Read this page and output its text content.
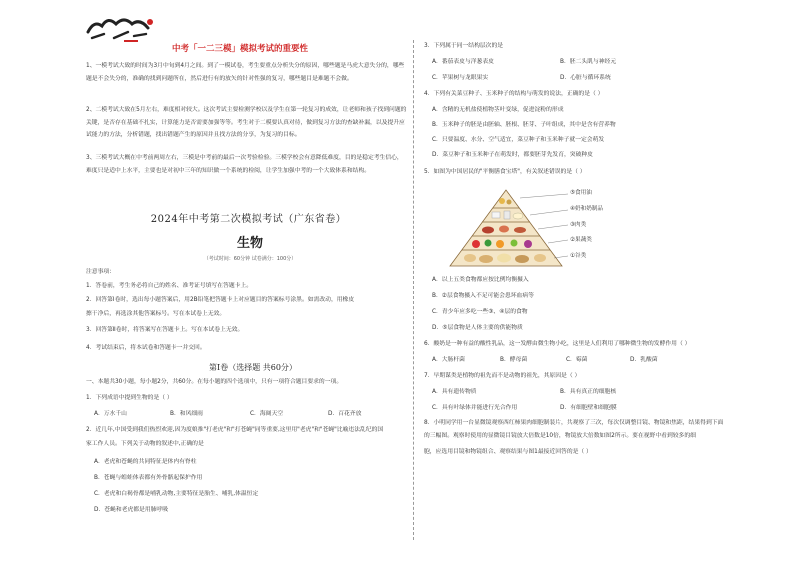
中考「一二三模」模拟考试的重要性
1、一模考试大致的时间为3月中旬到4月之间。到了一模试卷，考生要重点分析失分的原因，哪些题是马虎大意失分的，哪些题是不会失分的，准确的找到问题所在，然后进行有的放矢的针对性强的复习，哪些题目是难题不会做。
2、二模考试大致在5月左右，难度相对较大。这次考试主要检测学校以及学生在第一轮复习的成效，让老师和孩子找到问题的关键，是否存在基础不扎实，计算能力是否需要加强等等。考生对于二模要认真对待，做到复习方法的查缺补漏，以及提升应试能力的方法，分析错题，找出错题产生的原因并且找方法的分享，为复习的目标。
3、三模考试大概在中考前两周左右，三模是中考前的最后一次考验检验。三模学校会有意降低难度，目的是稳定考生信心，难度只是适中上水平，主要也是对初中三年的知识做一个系统的检阅，让学生加强中考的一个大致体系和结构。
2024年中考第二次模拟考试（广东省卷）
生物
（考试时间：60分钟 试卷满分：100分）
注意事项：
1．答卷前，考生务必将自己的姓名、准考证号填写在答题卡上。
2．回答第Ⅰ卷时，选出每小题答案后，用2B铅笔把答题卡上对应题目的答案标号涂黑。如需改动，用橡皮
擦干净后，再选涂其他答案标号。写在本试卷上无效。
3．回答第Ⅱ卷时，将答案写在答题卡上。写在本试卷上无效。
4．考试结束后，将本试卷和答题卡一并交回。
第Ⅰ卷（选择题 共60分）
一、本题共30小题，每小题2分，共60分。在每小题的四个选项中，只有一项符合题目要求的一项。
1．下列成语中提到生物的是（ ）
A．万水千山	B．和风细雨	C．海阔天空	D．百花齐放
2．近几年,中国受到我们热烈欢迎,因为度娘推"打老虎"和"打苍蝇"同等重要,这里用"老虎"和"苍蝇"比喻违法乱纪的国
家工作人员。下列关于动物的叙述中,正确的是
A．老虎和苍蝇的共同特征是体内有脊柱
B．苍蝇与蝗蛙体表都有外骨骼起保护作用
C．老虎和白褐骨都是哺乳动物,主要特征是胎生、哺乳,体温恒定
D．苍蝇和老虎都是用肺呼吸
3．下列属于同一结构层次的是
A．番茄表皮与洋葱表皮	B．胚二头肌与神经元
C．苹果树与龙眼果实	D．心脏与循环系统
4．下列有关菜豆种子、玉米种子的结构与萌发的说法，正确的是（ ）
A．含精的无机盐使植物茎叶变绿，促进淀粉的形成
B．玉米种子的胚是由胚轴、胚根、胚芽、子叶组成，其中是含有营养物
C．只要温度、水分、空气适宜，菜豆种子和玉米种子就一定会萌发
D．菜豆种子和玉米种子在萌发时，都要胚芽先发育，突破种皮
5．如图为中国居民的"平衡膳食宝塔"，有关叙述错误的是（ ）
⑤食用油
④奶和奶制品
③肉类
②果蔬类
①谷类
A．以上五类食物都应按比例均衡摄入
B．②层食物摄入不足可能会患坏血病等
C．青少年应多吃一些③、④层的食物
D．⑤层食物是人体主要的供能物质
6．酸奶是一种有益的酸性乳品，这一发酵由微生物小吃，这里是人们利用了哪种微生物的发酵作用（ ）
A．大肠杆菌	B．酵母菌	C．霉菌	D．乳酸菌
7．早期谋类是植物的祖先而不是动物的祖先，其原因是（ ）
A．具有遗传物质	B．具有真正的细胞核
C．具有叶绿体并能进行光合作用	D．有细胞壁和细胞膜
8．小明同学用一台显微镜观察西红柿果肉细胞制装片，共观察了三次，每次仅调整目镜、物镜和焦距，结果得到下面的三幅图。观察时使用的显微镜目镜放大倍数是10倍，物镜放大倍数如图2所示。要在视野中看到较多的细
胞，应选用目镜和物镜组合、观察结果与图1最接近回答的是（ ）
